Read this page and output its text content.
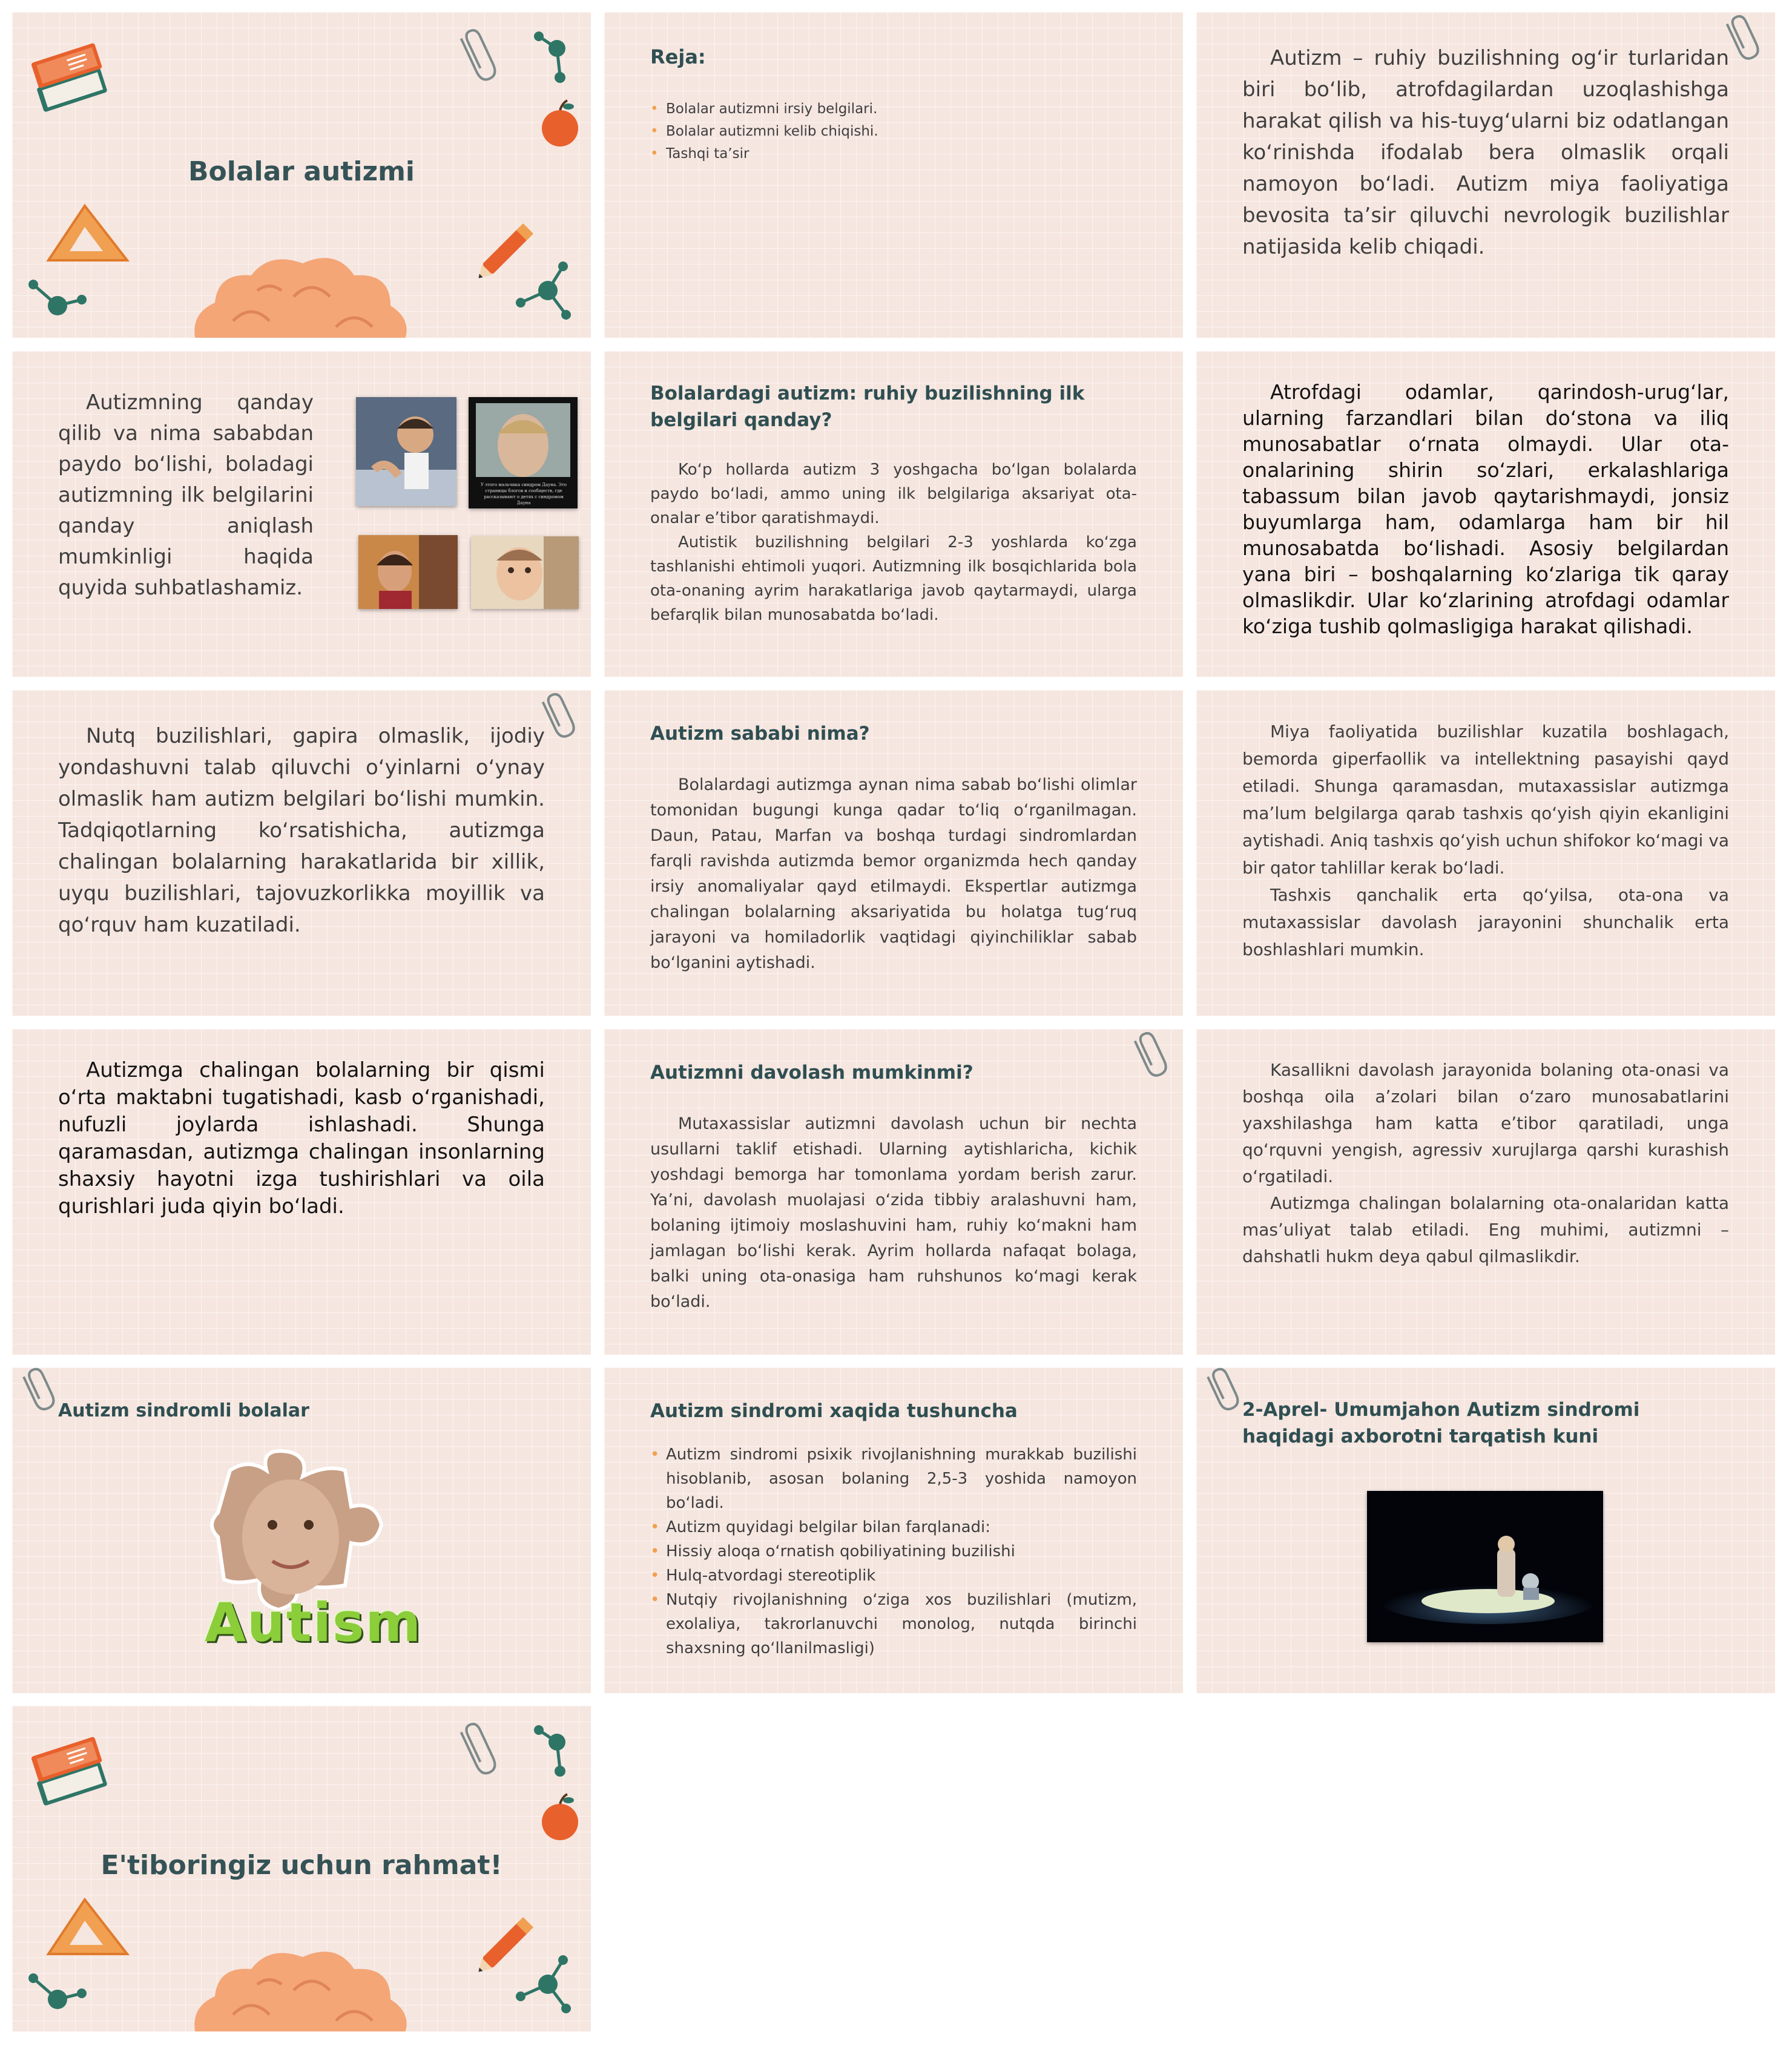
Bolalar autizmi
Reja:
• Bolalar autizmni irsiy belgilari.
• Bolalar autizmni kelib chiqishi.
• Tashqi taʼsir

Autizm – ruhiy buzilishning ogʻir turlaridan biri boʻlib, atrofdagilardan uzoqlashishga harakat qilish va his-tuygʻularni biz odatlangan koʻrinishda ifodalab bera olmaslik orqali namoyon boʻladi. Autizm miya faoliyatiga bevosita taʼsir qiluvchi nevrologik buzilishlar natijasida kelib chiqadi.

Autizmning qanday qilib va nima sababdan paydo boʻlishi, boladagi autizmning ilk belgilarini qanday aniqlash mumkinligi haqida quyida suhbatlashamiz.

У этого мальчика синдром Дауна. Это страницы блогов и сообществ, где рассказывают о детях с синдромом Дауна
Bolalardagi autizm: ruhiy buzilishning ilk belgilari qanday?

Koʻp hollarda autizm 3 yoshgacha boʻlgan bolalarda paydo boʻladi, ammo uning ilk belgilariga aksariyat ota-onalar eʼtibor qaratishmaydi.

Autistik buzilishning belgilari 2-3 yoshlarda koʻzga tashlanishi ehtimoli yuqori. Autizmning ilk bosqichlarida bola ota-onaning ayrim harakatlariga javob qaytarmaydi, ularga befarqlik bilan munosabatda boʻladi.

Atrofdagi odamlar, qarindosh-urugʻlar, ularning farzandlari bilan doʻstona va iliq munosabatlar oʻrnata olmaydi. Ular ota-onalarining shirin soʻzlari, erkalashlariga tabassum bilan javob qaytarishmaydi, jonsiz buyumlarga ham, odamlarga ham bir hil munosabatda boʻlishadi. Asosiy belgilardan yana biri – boshqalarning koʻzlariga tik qaray olmaslikdir. Ular koʻzlarining atrofdagi odamlar koʻziga tushib qolmasligiga harakat qilishadi.

Nutq buzilishlari, gapira olmaslik, ijodiy yondashuvni talab qiluvchi oʻyinlarni oʻynay olmaslik ham autizm belgilari boʻlishi mumkin. Tadqiqotlarning koʻrsatishicha, autizmga chalingan bolalarning harakatlarida bir xillik, uyqu buzilishlari, tajovuzkorlikka moyillik va qoʻrquv ham kuzatiladi.

Autizm sababi nima?

Bolalardagi autizmga aynan nima sabab boʻlishi olimlar tomonidan bugungi kunga qadar toʻliq oʻrganilmagan. Daun, Patau, Marfan va boshqa turdagi sindromlardan farqli ravishda autizmda bemor organizmda hech qanday irsiy anomaliyalar qayd etilmaydi. Ekspertlar autizmga chalingan bolalarning aksariyatida bu holatga tugʻruq jarayoni va homiladorlik vaqtidagi qiyinchiliklar sabab boʻlganini aytishadi.

Miya faoliyatida buzilishlar kuzatila boshlagach, bemorda giperfaollik va intellektning pasayishi qayd etiladi. Shunga qaramasdan, mutaxassislar autizmga maʼlum belgilarga qarab tashxis qoʻyish qiyin ekanligini aytishadi. Aniq tashxis qoʻyish uchun shifokor koʻmagi va bir qator tahlillar kerak boʻladi.

Tashxis qanchalik erta qoʻyilsa, ota-ona va mutaxassislar davolash jarayonini shunchalik erta boshlashlari mumkin.

Autizmga chalingan bolalarning bir qismi oʻrta maktabni tugatishadi, kasb oʻrganishadi, nufuzli joylarda ishlashadi. Shunga qaramasdan, autizmga chalingan insonlarning shaxsiy hayotni izga tushirishlari va oila qurishlari juda qiyin boʻladi.

Autizmni davolash mumkinmi?

Mutaxassislar autizmni davolash uchun bir nechta usullarni taklif etishadi. Ularning aytishlaricha, kichik yoshdagi bemorga har tomonlama yordam berish zarur. Yaʼni, davolash muolajasi oʻzida tibbiy aralashuvni ham, bolaning ijtimoiy moslashuvini ham, ruhiy koʻmakni ham jamlagan boʻlishi kerak. Ayrim hollarda nafaqat bolaga, balki uning ota-onasiga ham ruhshunos koʻmagi kerak boʻladi.

Kasallikni davolash jarayonida bolaning ota-onasi va boshqa oila aʼzolari bilan oʻzaro munosabatlarini yaxshilashga ham katta eʼtibor qaratiladi, unga qoʻrquvni yengish, agressiv xurujlarga qarshi kurashish oʻrgatiladi.

Autizmga chalingan bolalarning ota-onalaridan katta masʼuliyat talab etiladi. Eng muhimi, autizmni – dahshatli hukm deya qabul qilmaslikdir.

Autizm sindromli bolalar
Autism
Autizm sindromi xaqida tushuncha
• Autizm sindromi psixik rivojlanishning murakkab buzilishi hisoblanib, asosan bolaning 2,5-3 yoshida namoyon boʻladi.
• Autizm quyidagi belgilar bilan farqlanadi:
• Hissiy aloqa oʻrnatish qobiliyatining buzilishi
• Hulq-atvordagi stereotiplik
• Nutqiy rivojlanishning oʻziga xos buzilishlari (mutizm, exolaliya, takrorlanuvchi monolog, nutqda birinchi shaxsning qoʻllanilmasligi)
2-Aprel- Umumjahon Autizm sindromi haqidagi axborotni tarqatish kuni
E'tiboringiz uchun rahmat!
